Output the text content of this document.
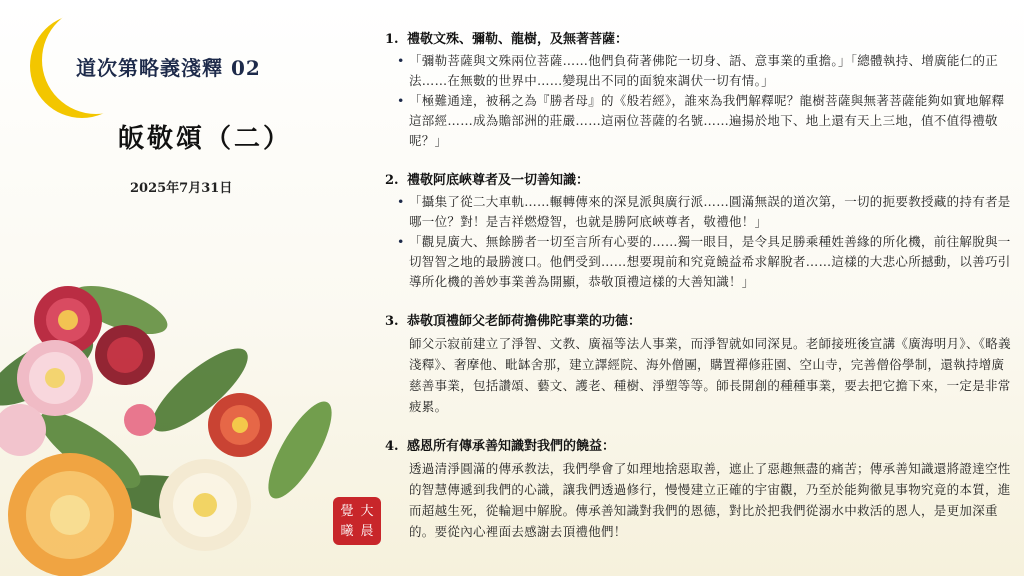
道次第略義淺釋 02
皈敬頌（二）
2025年7月31日
覺 大
曦 晨
1. 禮敬文殊、彌勒、龍樹，及無著菩薩：
• 「彌勒菩薩與文殊兩位菩薩……他們負荷著佛陀一切身、語、意事業的重擔。」「總體執持、增廣能仁的正法……在無數的世界中……變現出不同的面貌來調伏一切有情。」
• 「極難通達，被稱之為『勝者母』的《般若經》，誰來為我們解釋呢？龍樹菩薩與無著菩薩能夠如實地解釋這部經……成為贍部洲的莊嚴……這兩位菩薩的名號……遍揚於地下、地上還有天上三地，值不值得禮敬呢？」
2. 禮敬阿底峽尊者及一切善知識：
• 「攝集了從二大車軌……輾轉傳來的深見派與廣行派……圓滿無誤的道次第，一切的扼要教授藏的持有者是哪一位？對！是吉祥燃燈智，也就是勝阿底峽尊者，敬禮他！」
• 「觀見廣大、無餘勝者一切至言所有心要的……獨一眼目，是令具足勝乘種姓善緣的所化機，前往解脫與一切智智之地的最勝渡口。他們受到……想要現前和究竟饒益希求解脫者……這樣的大悲心所撼動，以善巧引導所化機的善妙事業善為開顯，恭敬頂禮這樣的大善知識！」
3. 恭敬頂禮師父老師荷擔佛陀事業的功德：

師父示寂前建立了淨智、文教、廣福等法人事業，而淨智就如同深見。老師接班後宣講《廣海明月》、《略義淺釋》、奢摩他、毗缽舍那，建立譯經院、海外僧團，購置禪修莊園、空山寺，完善僧俗學制，還執持增廣慈善事業，包括讚頌、藝文、護老、種樹、淨塑等等。師長開創的種種事業，要去把它擔下來，一定是非常疲累。

4. 感恩所有傳承善知識對我們的饒益：

透過清淨圓滿的傳承教法，我們學會了如理地捨惡取善，遮止了惡趣無盡的痛苦；傳承善知識還將證達空性的智慧傳遞到我們的心識，讓我們透過修行，慢慢建立正確的宇宙觀，乃至於能夠徹見事物究竟的本質，進而超越生死，從輪迴中解脫。傳承善知識對我們的恩德，對比於把我們從溺水中救活的恩人，是更加深重的。要從內心裡面去感謝去頂禮他們！
